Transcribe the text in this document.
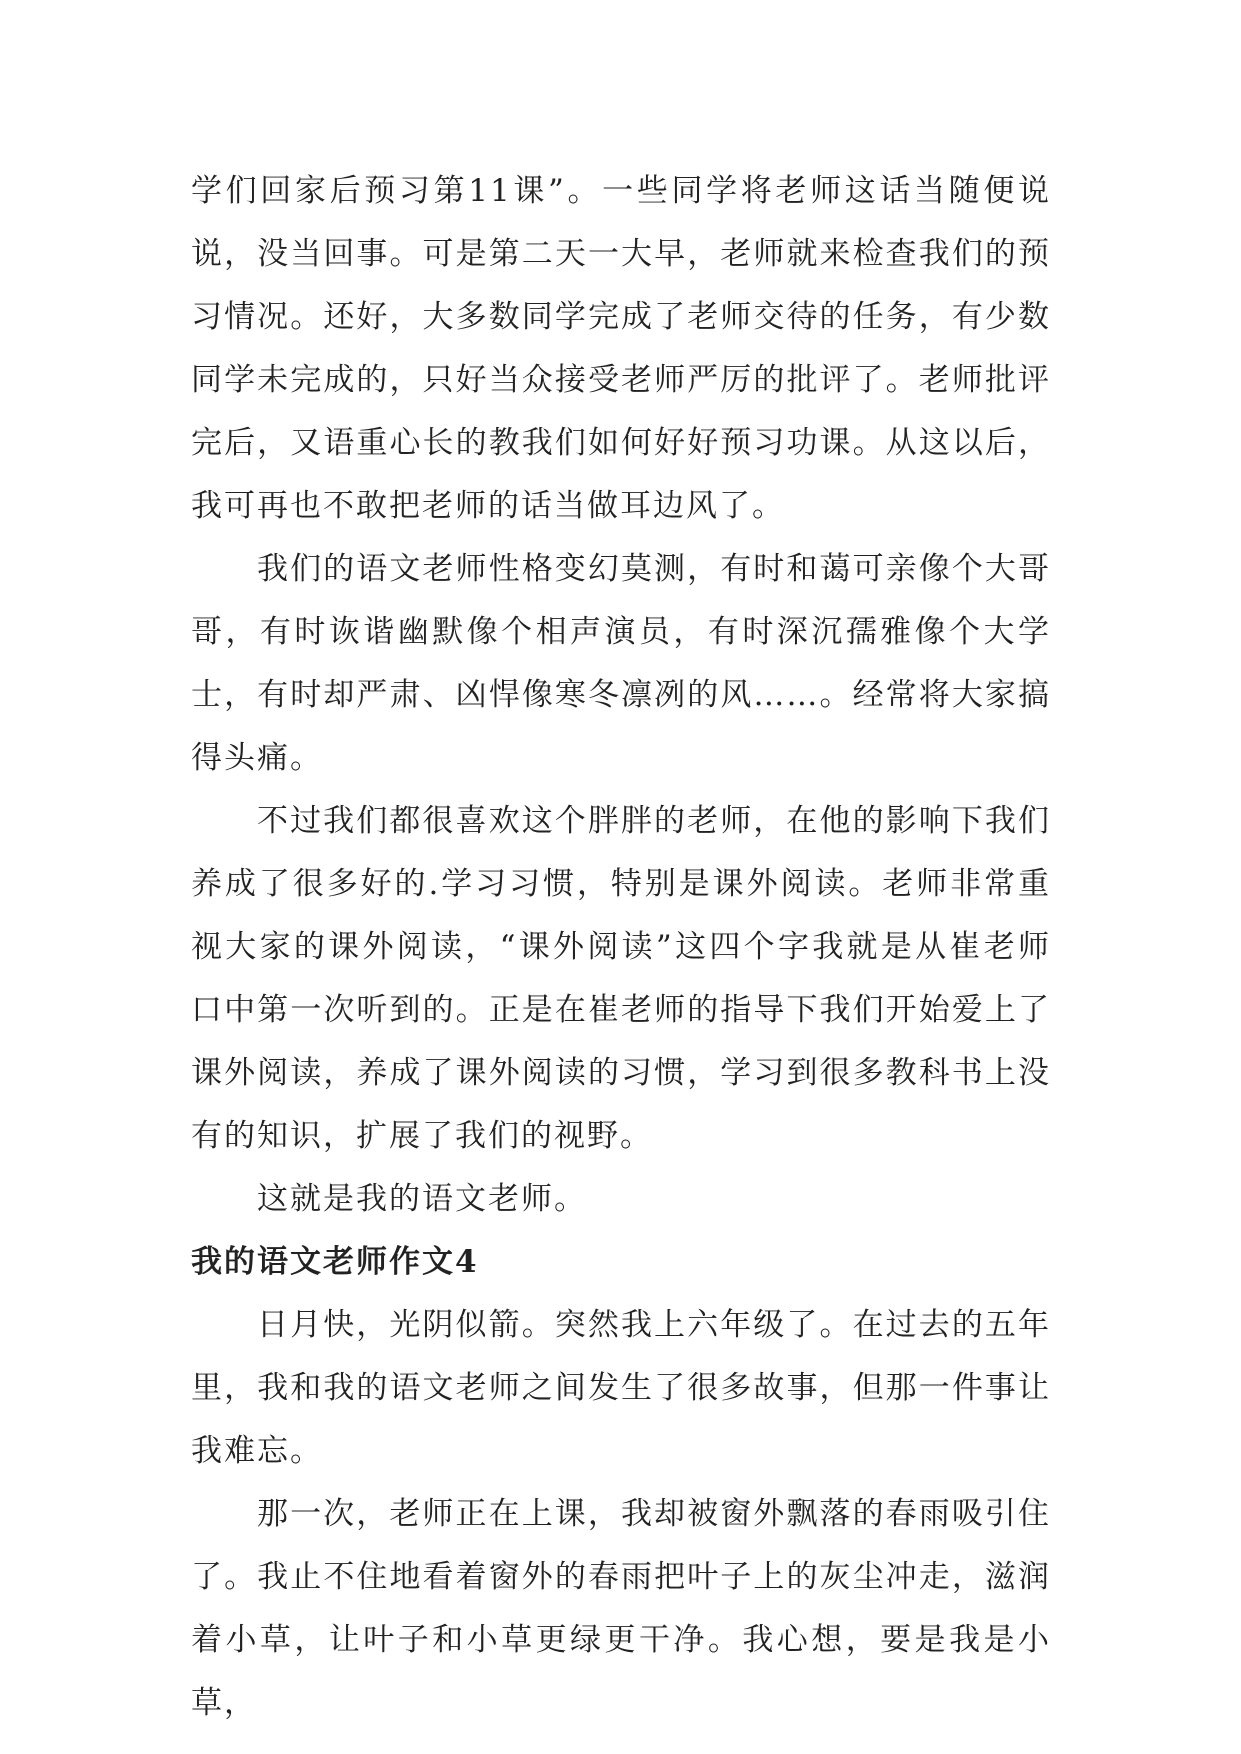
学们回家后预习第11课”。一些同学将老师这话当随便说说，没当回事。可是第二天一大早，老师就来检查我们的预习情况。还好，大多数同学完成了老师交待的任务，有少数同学未完成的，只好当众接受老师严厉的批评了。老师批评完后，又语重心长的教我们如何好好预习功课。从这以后，我可再也不敢把老师的话当做耳边风了。

我们的语文老师性格变幻莫测，有时和蔼可亲像个大哥哥，有时诙谐幽默像个相声演员，有时深沉孺雅像个大学士，有时却严肃、凶悍像寒冬凛冽的风……。经常将大家搞得头痛。

不过我们都很喜欢这个胖胖的老师，在他的影响下我们养成了很多好的.学习习惯，特别是课外阅读。老师非常重视大家的课外阅读，“课外阅读”这四个字我就是从崔老师口中第一次听到的。正是在崔老师的指导下我们开始爱上了课外阅读，养成了课外阅读的习惯，学习到很多教科书上没有的知识，扩展了我们的视野。

这就是我的语文老师。

我的语文老师作文4

日月快，光阴似箭。突然我上六年级了。在过去的五年里，我和我的语文老师之间发生了很多故事，但那一件事让我难忘。

那一次，老师正在上课，我却被窗外飘落的春雨吸引住了。我止不住地看着窗外的春雨把叶子上的灰尘冲走，滋润着小草，让叶子和小草更绿更干净。我心想，要是我是小草，
